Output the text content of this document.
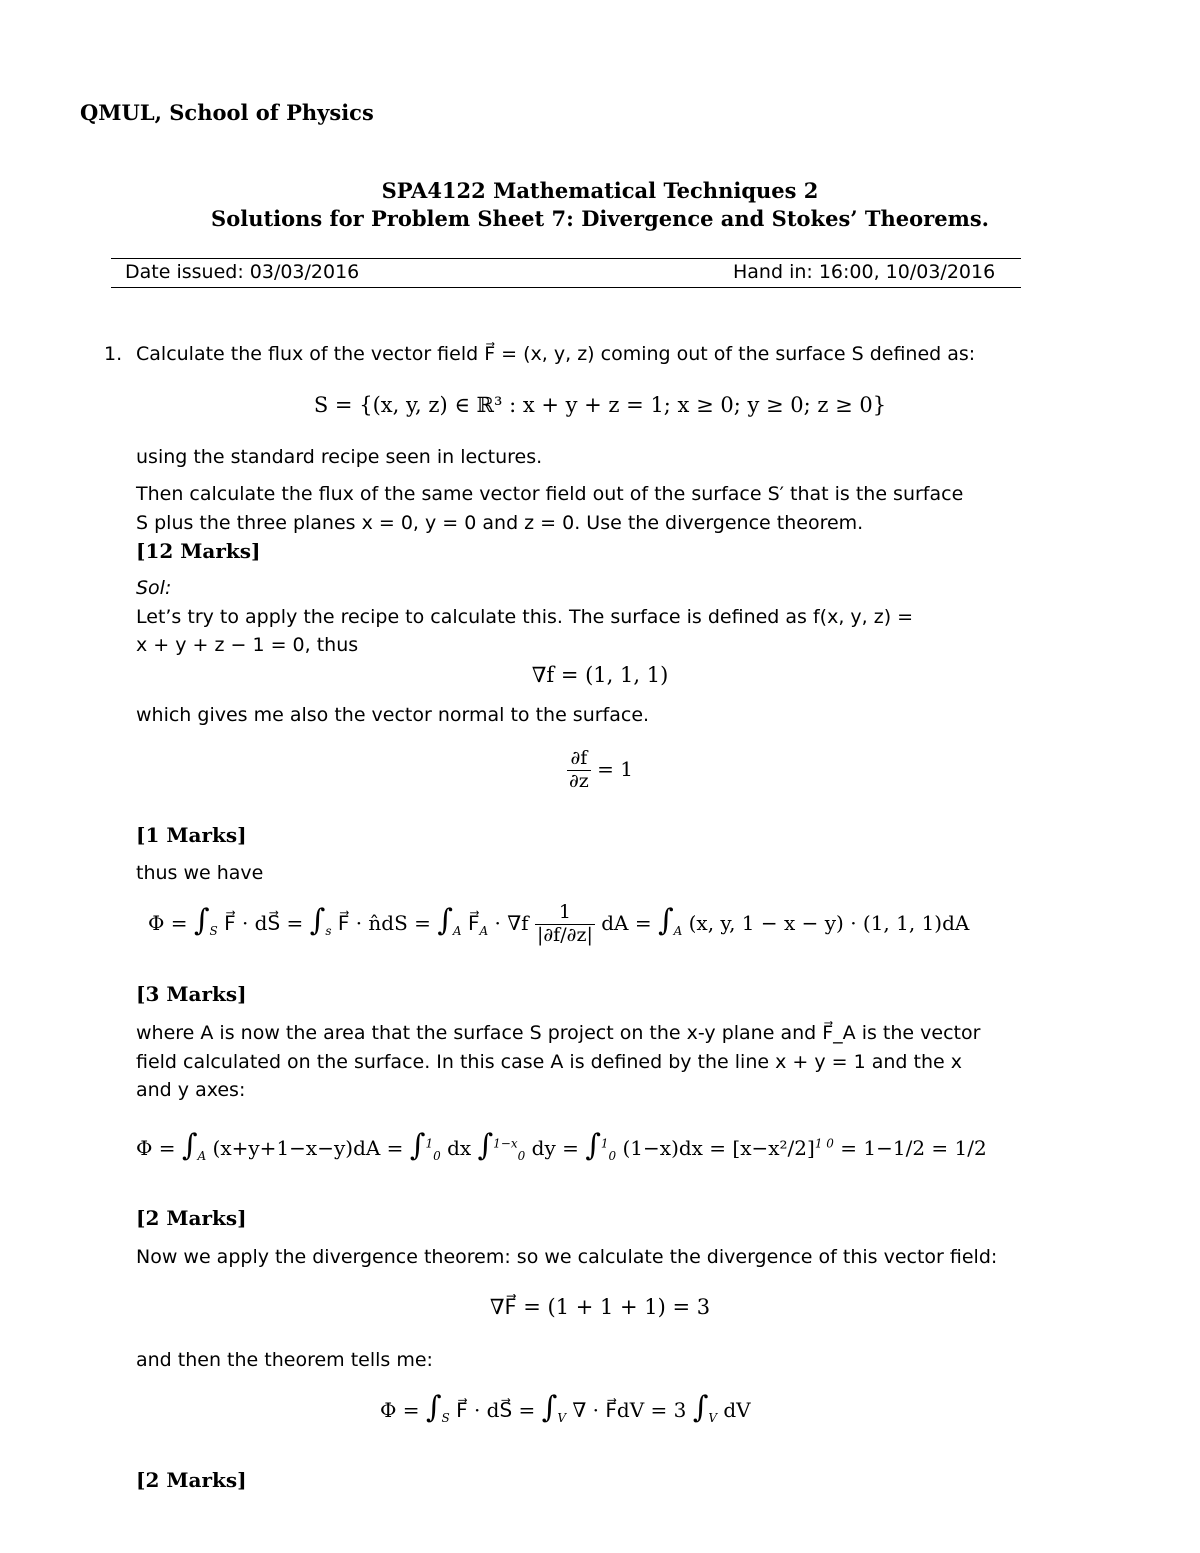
QMUL, School of Physics
SPA4122 Mathematical Techniques 2
Solutions for Problem Sheet 7: Divergence and Stokes’ Theorems.
Date issued: 03/03/2016	Hand in: 16:00, 10/03/2016
1. Calculate the flux of the vector field F⃗ = (x, y, z) coming out of the surface S defined as:
S = {(x, y, z) ∈ ℝ³ : x + y + z = 1; x ≥ 0; y ≥ 0; z ≥ 0}
using the standard recipe seen in lectures.
Then calculate the flux of the same vector field out of the surface S′ that is the surface
S plus the three planes x = 0, y = 0 and z = 0. Use the divergence theorem.
[12 Marks]
Sol:
Let’s try to apply the recipe to calculate this. The surface is defined as f(x, y, z) =
x + y + z − 1 = 0, thus
∇f = (1, 1, 1)
which gives me also the vector normal to the surface.
$\frac{\partial f}{\partial z} = 1$
[1 Marks]
thus we have
$\Phi = \int_S$ F⃗ · dS⃗ = $\int_s$ F⃗ · n̂dS = $\int_A$ $F⃗_A \cdot \nabla f \frac{1}{|\partial f/\partial z|}$ dA = $\int_A$ (x, y, 1 − x − y) · (1, 1, 1)dA
[3 Marks]
where A is now the area that the surface S project on the x-y plane and F⃗_A is the vector
field calculated on the surface. In this case A is defined by the line x + y = 1 and the x
and y axes:
$\Phi = \int_A$ (x+y+1−x−y)dA = ∫$^1_0$ dx ∫$^{1-x}_0$ dy = ∫$^1_0$ $(1-x)dx = [x-x^2/2]^{1 0} = 1-1/2 = 1/2$
[2 Marks]
Now we apply the divergence theorem: so we calculate the divergence of this vector field:
∇F⃗ = (1 + 1 + 1) = 3
and then the theorem tells me:
$\Phi = \int_S$ F⃗ · dS⃗ = $\int_V$ ∇ · F⃗dV = 3 $\int_V$ dV
[2 Marks]
